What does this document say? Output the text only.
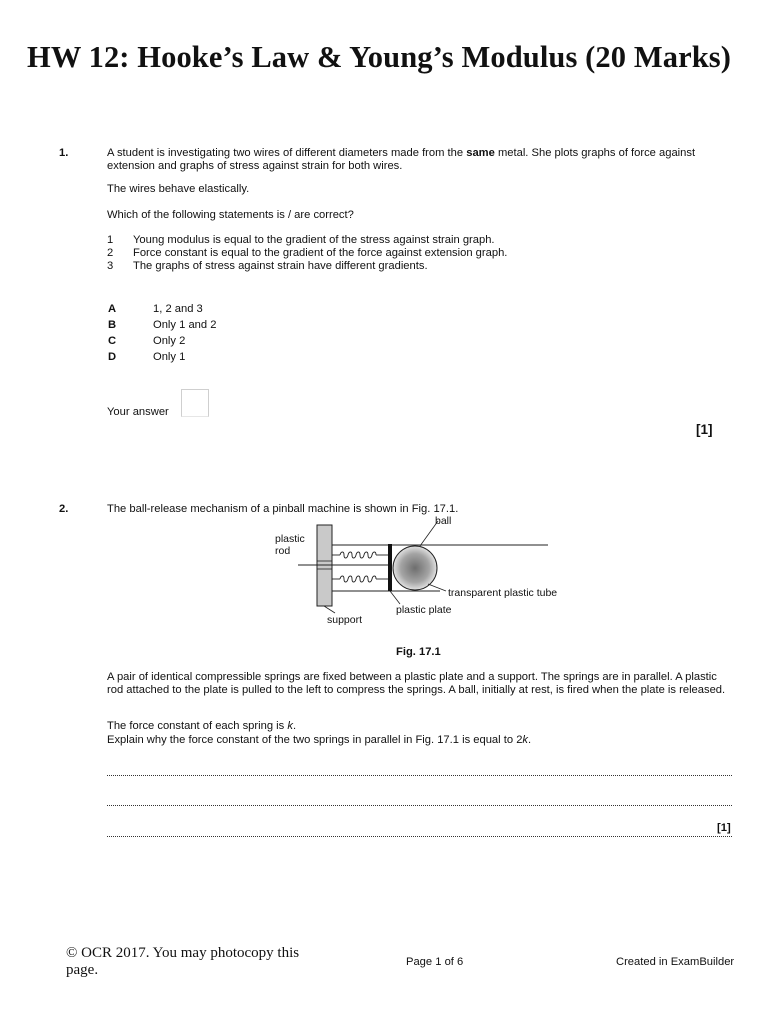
HW 12: Hooke’s Law & Young’s Modulus (20 Marks)
1.	A student is investigating two wires of different diameters made from the same metal. She plots graphs of force against extension and graphs of stress against strain for both wires.
The wires behave elastically.
Which of the following statements is / are correct?
1 Young modulus is equal to the gradient of the stress against strain graph.
2 Force constant is equal to the gradient of the force against extension graph.
3 The graphs of stress against strain have different gradients.
A	1, 2 and 3
B	Only 1 and 2
C	Only 2
D	Only 1
Your answer
[1]
2.	The ball-release mechanism of a pinball machine is shown in Fig. 17.1.
ball
plastic
rod
transparent plastic tube
plastic plate
support
Fig. 17.1
A pair of identical compressible springs are fixed between a plastic plate and a support. The springs are in parallel. A plastic rod attached to the plate is pulled to the left to compress the springs. A ball, initially at rest, is fired when the plate is released.
The force constant of each spring is k.
Explain why the force constant of the two springs in parallel in Fig. 17.1 is equal to 2k.
[1]
© OCR 2017. You may photocopy this page.	Page 1 of 6	Created in ExamBuilder
